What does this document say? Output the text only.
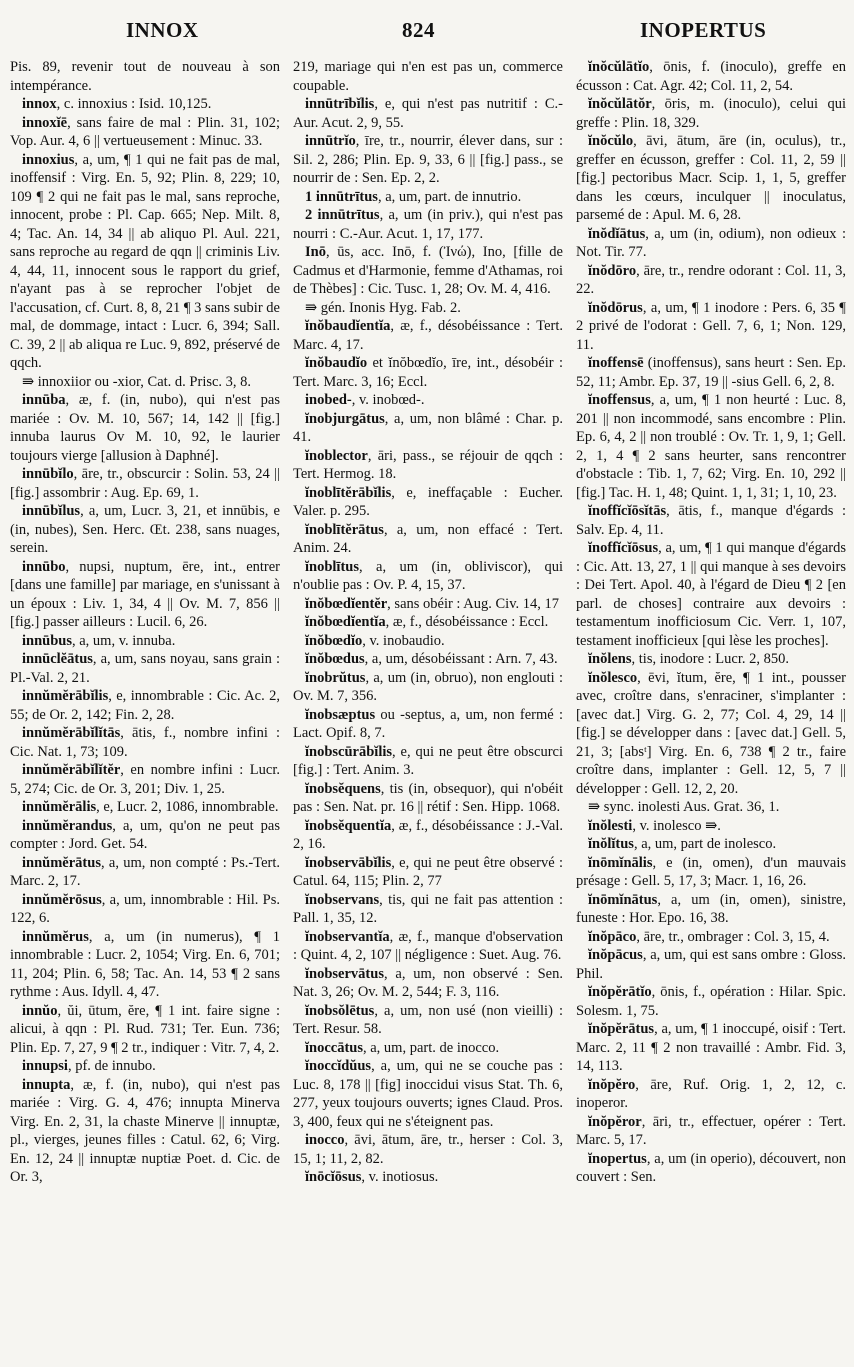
INNOX	824	INOPERTUS

Pis. 89, revenir tout de nouveau à son intempérance.

innox, c. innoxius : Isid. 10,125.

innoxĭē, sans faire de mal : Plin. 31, 102; Vop. Aur. 4, 6 || vertueusement : Minuc. 33.

innoxius, a, um, ¶ 1 qui ne fait pas de mal, inoffensif : Virg. En. 5, 92; Plin. 8, 229; 10, 109 ¶ 2 qui ne fait pas le mal, sans reproche, innocent, probe : Pl. Cap. 665; Nep. Milt. 8, 4; Tac. An. 14, 34 || ab aliquo Pl. Aul. 221, sans reproche au regard de qqn || criminis Liv. 4, 44, 11, innocent sous le rapport du grief, n'ayant pas à se reprocher l'objet de l'accusation, cf. Curt. 8, 8, 21 ¶ 3 sans subir de mal, de dommage, intact : Lucr. 6, 394; Sall. C. 39, 2 || ab aliqua re Luc. 9, 892, préservé de qqch.

⇛ innoxiior ou -xior, Cat. d. Prisc. 3, 8.

innūba, æ, f. (in, nubo), qui n'est pas mariée : Ov. M. 10, 567; 14, 142 || [fig.] innuba laurus Ov M. 10, 92, le laurier toujours vierge [allusion à Daphné].

innūbĭlo, āre, tr., obscurcir : Solin. 53, 24 || [fig.] assombrir : Aug. Ep. 69, 1.

innūbĭlus, a, um, Lucr. 3, 21, et innūbis, e (in, nubes), Sen. Herc. Œt. 238, sans nuages, serein.

innūbo, nupsi, nuptum, ēre, int., entrer [dans une famille] par mariage, en s'unissant à un époux : Liv. 1, 34, 4 || Ov. M. 7, 856 || [fig.] passer ailleurs : Lucil. 6, 26.

innūbus, a, um, v. innuba.

innūclĕātus, a, um, sans noyau, sans grain : Pl.-Val. 2, 21.

innŭmĕrābĭlis, e, innombrable : Cic. Ac. 2, 55; de Or. 2, 142; Fin. 2, 28.

innŭmĕrābĭlĭtās, ātis, f., nombre infini : Cic. Nat. 1, 73; 109.

innŭmĕrābĭlĭtĕr, en nombre infini : Lucr. 5, 274; Cic. de Or. 3, 201; Div. 1, 25.

innŭmĕrālis, e, Lucr. 2, 1086, innombrable.

innŭmĕrandus, a, um, qu'on ne peut pas compter : Jord. Get. 54.

innŭmĕrātus, a, um, non compté : Ps.-Tert. Marc. 2, 17.

innŭmĕrōsus, a, um, innombrable : Hil. Ps. 122, 6.

innŭmĕrus, a, um (in numerus), ¶ 1 innombrable : Lucr. 2, 1054; Virg. En. 6, 701; 11, 204; Plin. 6, 58; Tac. An. 14, 53 ¶ 2 sans rythme : Aus. Idyll. 4, 47.

innŭo, ŭi, ūtum, ĕre, ¶ 1 int. faire signe : alicui, à qqn : Pl. Rud. 731; Ter. Eun. 736; Plin. Ep. 7, 27, 9 ¶ 2 tr., indiquer : Vitr. 7, 4, 2.

innupsi, pf. de innubo.

innupta, æ, f. (in, nubo), qui n'est pas mariée : Virg. G. 4, 476; innupta Minerva Virg. En. 2, 31, la chaste Minerve || innuptæ, pl., vierges, jeunes filles : Catul. 62, 6; Virg. En. 12, 24 || innuptæ nuptiæ Poet. d. Cic. de Or. 3,

219, mariage qui n'en est pas un, commerce coupable.

innūtrībĭlis, e, qui n'est pas nutritif : C.-Aur. Acut. 2, 9, 55.

innūtrĭo, īre, tr., nourrir, élever dans, sur : Sil. 2, 286; Plin. Ep. 9, 33, 6 || [fig.] pass., se nourrir de : Sen. Ep. 2, 2.

1 innūtrītus, a, um, part. de innutrio.

2 innūtrītus, a, um (in priv.), qui n'est pas nourri : C.-Aur. Acut. 1, 17, 177.

Inō, ūs, acc. Inō, f. (Ἰνώ), Ino, [fille de Cadmus et d'Harmonie, femme d'Athamas, roi de Thèbes] : Cic. Tusc. 1, 28; Ov. M. 4, 416.

⇛ gén. Inonis Hyg. Fab. 2.

ĭnŏbaudĭentĭa, æ, f., désobéissance : Tert. Marc. 4, 17.

ĭnŏbaudĭo et ĭnŏbœdĭo, īre, int., désobéir : Tert. Marc. 3, 16; Eccl.

inobed-, v. inobœd-.

ĭnobjurgātus, a, um, non blâmé : Char. p. 41.

ĭnoblector, āri, pass., se réjouir de qqch : Tert. Hermog. 18.

ĭnoblītĕrābĭlis, e, ineffaçable : Eucher. Valer. p. 295.

ĭnoblītĕrātus, a, um, non effacé : Tert. Anim. 24.

ĭnoblītus, a, um (in, obliviscor), qui n'oublie pas : Ov. P. 4, 15, 37.

ĭnŏbœdĭentĕr, sans obéir : Aug. Civ. 14, 17

ĭnŏbœdĭentĭa, æ, f., désobéissance : Eccl.

ĭnŏbœdĭo, v. inobaudio.

ĭnŏbœdus, a, um, désobéissant : Arn. 7, 43.

ĭnobrŭtus, a, um (in, obruo), non englouti : Ov. M. 7, 356.

ĭnobsæptus ou -septus, a, um, non fermé : Lact. Opif. 8, 7.

ĭnobscūrābĭlis, e, qui ne peut être obscurci [fig.] : Tert. Anim. 3.

ĭnobsĕquens, tis (in, obsequor), qui n'obéit pas : Sen. Nat. pr. 16 || rétif : Sen. Hipp. 1068.

ĭnobsĕquentĭa, æ, f., désobéissance : J.-Val. 2, 16.

ĭnobservābĭlis, e, qui ne peut être observé : Catul. 64, 115; Plin. 2, 77

ĭnobservans, tis, qui ne fait pas attention : Pall. 1, 35, 12.

ĭnobservantĭa, æ, f., manque d'observation : Quint. 4, 2, 107 || négligence : Suet. Aug. 76.

ĭnobservātus, a, um, non observé : Sen. Nat. 3, 26; Ov. M. 2, 544; F. 3, 116.

ĭnobsŏlētus, a, um, non usé (non vieilli) : Tert. Resur. 58.

ĭnoccātus, a, um, part. de inocco.

ĭnoccĭdŭus, a, um, qui ne se couche pas : Luc. 8, 178 || [fig] inoccidui visus Stat. Th. 6, 277, yeux toujours ouverts; ignes Claud. Pros. 3, 400, feux qui ne s'éteignent pas.

inocco, āvi, ātum, āre, tr., herser : Col. 3, 15, 1; 11, 2, 82.

ĭnōcĭōsus, v. inotiosus.

ĭnŏcŭlātĭo, ōnis, f. (inoculo), greffe en écusson : Cat. Agr. 42; Col. 11, 2, 54.

ĭnŏcŭlātŏr, ōris, m. (inoculo), celui qui greffe : Plin. 18, 329.

ĭnŏcŭlo, āvi, ātum, āre (in, oculus), tr., greffer en écusson, greffer : Col. 11, 2, 59 || [fig.] pectoribus Macr. Scip. 1, 1, 5, greffer dans les cœurs, inculquer || inoculatus, parsemé de : Apul. M. 6, 28.

ĭnŏdĭātus, a, um (in, odium), non odieux : Not. Tir. 77.

ĭnŏdōro, āre, tr., rendre odorant : Col. 11, 3, 22.

ĭnŏdōrus, a, um, ¶ 1 inodore : Pers. 6, 35 ¶ 2 privé de l'odorat : Gell. 7, 6, 1; Non. 129, 11.

ĭnoffensē (inoffensus), sans heurt : Sen. Ep. 52, 11; Ambr. Ep. 37, 19 || -sius Gell. 6, 2, 8.

ĭnoffensus, a, um, ¶ 1 non heurté : Luc. 8, 201 || non incommodé, sans encombre : Plin. Ep. 6, 4, 2 || non troublé : Ov. Tr. 1, 9, 1; Gell. 2, 1, 4 ¶ 2 sans heurter, sans rencontrer d'obstacle : Tib. 1, 7, 62; Virg. En. 10, 292 || [fig.] Tac. H. 1, 48; Quint. 1, 1, 31; 1, 10, 23.

ĭnoffĭcĭōsĭtās, ātis, f., manque d'égards : Salv. Ep. 4, 11.

ĭnoffĭcĭōsus, a, um, ¶ 1 qui manque d'égards : Cic. Att. 13, 27, 1 || qui manque à ses devoirs : Dei Tert. Apol. 40, à l'égard de Dieu ¶ 2 [en parl. de choses] contraire aux devoirs : testamentum inofficiosum Cic. Verr. 1, 107, testament inofficieux [qui lèse les proches].

ĭnŏlens, tis, inodore : Lucr. 2, 850.

ĭnŏlesco, ēvi, ĭtum, ĕre, ¶ 1 int., pousser avec, croître dans, s'enraciner, s'implanter : [avec dat.] Virg. G. 2, 77; Col. 4, 29, 14 || [fig.] se développer dans : [avec dat.] Gell. 5, 21, 3; [absᵗ] Virg. En. 6, 738 ¶ 2 tr., faire croître dans, implanter : Gell. 12, 5, 7 || développer : Gell. 12, 2, 20.

⇛ sync. inolesti Aus. Grat. 36, 1.

ĭnŏlesti, v. inolesco ⇛.

ĭnŏlĭtus, a, um, part de inolesco.

ĭnōmĭnālis, e (in, omen), d'un mauvais présage : Gell. 5, 17, 3; Macr. 1, 16, 26.

ĭnōmĭnātus, a, um (in, omen), sinistre, funeste : Hor. Epo. 16, 38.

ĭnŏpāco, āre, tr., ombrager : Col. 3, 15, 4.

ĭnŏpācus, a, um, qui est sans ombre : Gloss. Phil.

ĭnŏpĕrātĭo, ōnis, f., opération : Hilar. Spic. Solesm. 1, 75.

ĭnŏpĕrātus, a, um, ¶ 1 inoccupé, oisif : Tert. Marc. 2, 11 ¶ 2 non travaillé : Ambr. Fid. 3, 14, 113.

ĭnŏpĕro, āre, Ruf. Orig. 1, 2, 12, c. inoperor.

ĭnŏpĕror, āri, tr., effectuer, opérer : Tert. Marc. 5, 17.

ĭnopertus, a, um (in operio), découvert, non couvert : Sen.
